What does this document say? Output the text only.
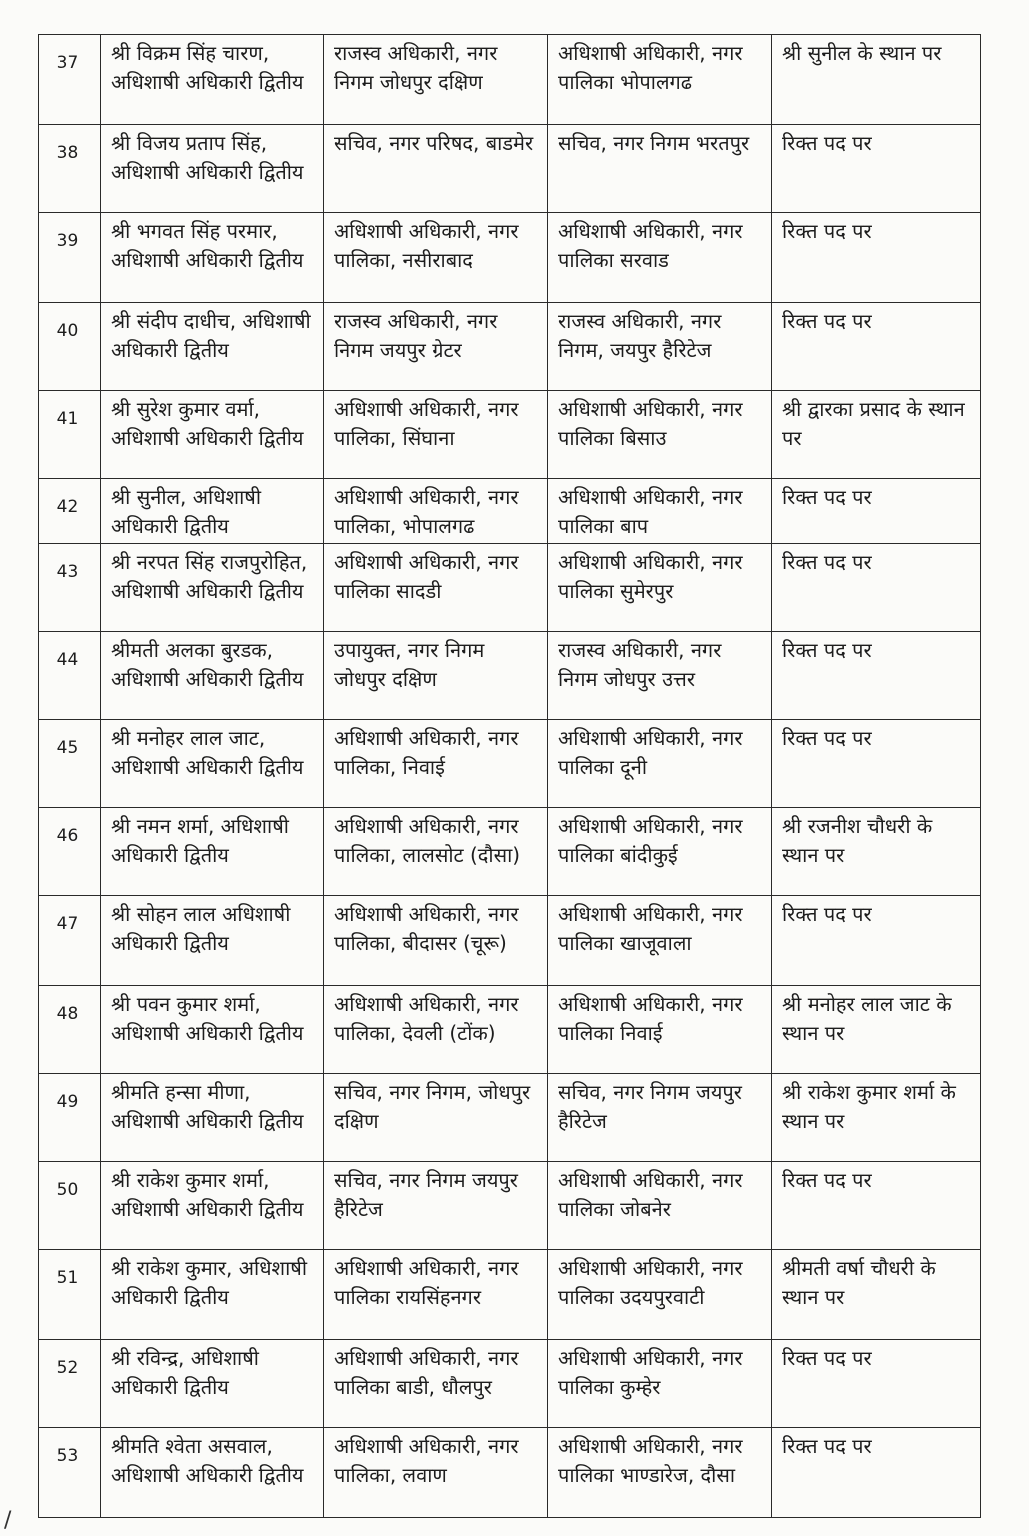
37	श्री विक्रम सिंह चारण, अधिशाषी अधिकारी द्वितीय	राजस्व अधिकारी, नगर निगम जोधपुर दक्षिण	अधिशाषी अधिकारी, नगर पालिका भोपालगढ	श्री सुनील के स्थान पर
38	श्री विजय प्रताप सिंह, अधिशाषी अधिकारी द्वितीय	सचिव, नगर परिषद, बाडमेर	सचिव, नगर निगम भरतपुर	रिक्त पद पर
39	श्री भगवत सिंह परमार, अधिशाषी अधिकारी द्वितीय	अधिशाषी अधिकारी, नगर पालिका, नसीराबाद	अधिशाषी अधिकारी, नगर पालिका सरवाड	रिक्त पद पर
40	श्री संदीप दाधीच, अधिशाषी अधिकारी द्वितीय	राजस्व अधिकारी, नगर निगम जयपुर ग्रेटर	राजस्व अधिकारी, नगर निगम, जयपुर हैरिटेज	रिक्त पद पर
41	श्री सुरेश कुमार वर्मा, अधिशाषी अधिकारी द्वितीय	अधिशाषी अधिकारी, नगर पालिका, सिंघाना	अधिशाषी अधिकारी, नगर पालिका बिसाउ	श्री द्वारका प्रसाद के स्थान पर
42	श्री सुनील, अधिशाषी अधिकारी द्वितीय	अधिशाषी अधिकारी, नगर पालिका, भोपालगढ	अधिशाषी अधिकारी, नगर पालिका बाप	रिक्त पद पर
43	श्री नरपत सिंह राजपुरोहित, अधिशाषी अधिकारी द्वितीय	अधिशाषी अधिकारी, नगर पालिका सादडी	अधिशाषी अधिकारी, नगर पालिका सुमेरपुर	रिक्त पद पर
44	श्रीमती अलका बुरडक, अधिशाषी अधिकारी द्वितीय	उपायुक्त, नगर निगम जोधपुर दक्षिण	राजस्व अधिकारी, नगर निगम जोधपुर उत्तर	रिक्त पद पर
45	श्री मनोहर लाल जाट, अधिशाषी अधिकारी द्वितीय	अधिशाषी अधिकारी, नगर पालिका, निवाई	अधिशाषी अधिकारी, नगर पालिका दूनी	रिक्त पद पर
46	श्री नमन शर्मा, अधिशाषी अधिकारी द्वितीय	अधिशाषी अधिकारी, नगर पालिका, लालसोट (दौसा)	अधिशाषी अधिकारी, नगर पालिका बांदीकुई	श्री रजनीश चौधरी के स्थान पर
47	श्री सोहन लाल अधिशाषी अधिकारी द्वितीय	अधिशाषी अधिकारी, नगर पालिका, बीदासर (चूरू)	अधिशाषी अधिकारी, नगर पालिका खाजूवाला	रिक्त पद पर
48	श्री पवन कुमार शर्मा, अधिशाषी अधिकारी द्वितीय	अधिशाषी अधिकारी, नगर पालिका, देवली (टोंक)	अधिशाषी अधिकारी, नगर पालिका निवाई	श्री मनोहर लाल जाट के स्थान पर
49	श्रीमति हन्सा मीणा, अधिशाषी अधिकारी द्वितीय	सचिव, नगर निगम, जोधपुर दक्षिण	सचिव, नगर निगम जयपुर हैरिटेज	श्री राकेश कुमार शर्मा के स्थान पर
50	श्री राकेश कुमार शर्मा, अधिशाषी अधिकारी द्वितीय	सचिव, नगर निगम जयपुर हैरिटेज	अधिशाषी अधिकारी, नगर पालिका जोबनेर	रिक्त पद पर
51	श्री राकेश कुमार, अधिशाषी अधिकारी द्वितीय	अधिशाषी अधिकारी, नगर पालिका रायसिंहनगर	अधिशाषी अधिकारी, नगर पालिका उदयपुरवाटी	श्रीमती वर्षा चौधरी के स्थान पर
52	श्री रविन्द्र, अधिशाषी अधिकारी द्वितीय	अधिशाषी अधिकारी, नगर पालिका बाडी, धौलपुर	अधिशाषी अधिकारी, नगर पालिका कुम्हेर	रिक्त पद पर
53	श्रीमति श्वेता असवाल, अधिशाषी अधिकारी द्वितीय	अधिशाषी अधिकारी, नगर पालिका, लवाण	अधिशाषी अधिकारी, नगर पालिका भाण्डारेज, दौसा	रिक्त पद पर
/
